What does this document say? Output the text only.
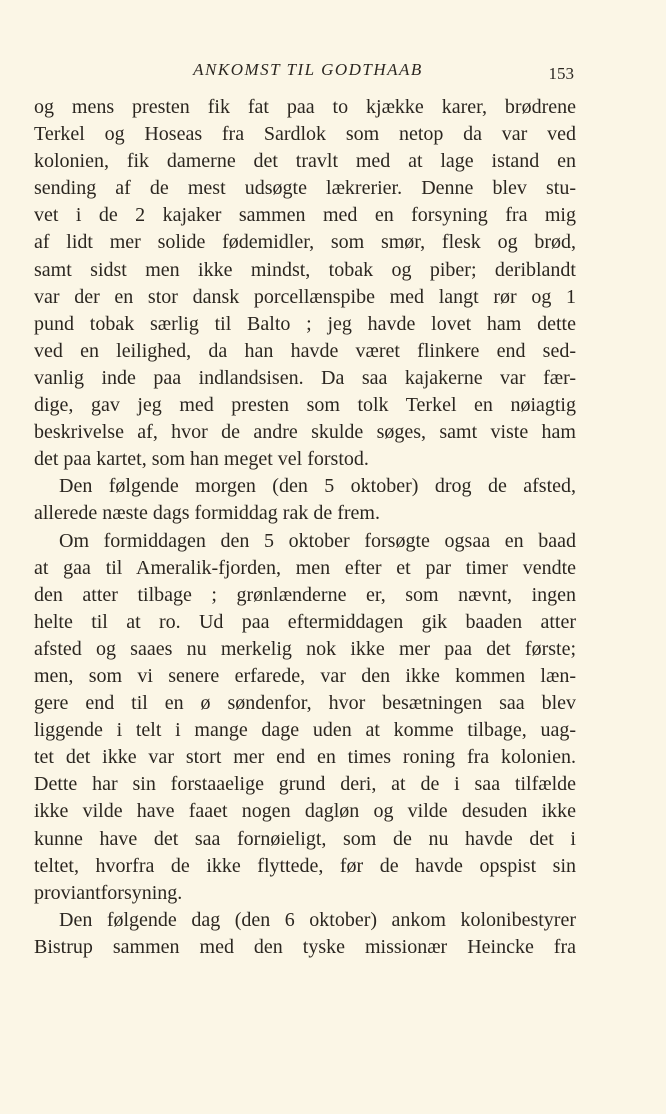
ANKOMST TIL GODTHAAB	153
og mens presten fik fat paa to kjække karer, brødrene
Terkel og Hoseas fra Sardlok som netop da var ved
kolonien, fik damerne det travlt med at lage istand en
sending af de mest udsøgte lækrerier. Denne blev stu-
vet i de 2 kajaker sammen med en forsyning fra mig
af lidt mer solide fødemidler, som smør, flesk og brød,
samt sidst men ikke mindst, tobak og piber; deriblandt
var der en stor dansk porcellænspibe med langt rør og 1
pund tobak særlig til Balto ; jeg havde lovet ham dette
ved en leilighed, da han havde været flinkere end sed-
vanlig inde paa indlandsisen. Da saa kajakerne var fær-
dige, gav jeg med presten som tolk Terkel en nøiagtig
beskrivelse af, hvor de andre skulde søges, samt viste ham
det paa kartet, som han meget vel forstod.
Den følgende morgen (den 5 oktober) drog de afsted,
allerede næste dags formiddag rak de frem.
Om formiddagen den 5 oktober forsøgte ogsaa en baad
at gaa til Ameralik-fjorden, men efter et par timer vendte
den atter tilbage ; grønlænderne er, som nævnt, ingen
helte til at ro. Ud paa eftermiddagen gik baaden atter
afsted og saaes nu merkelig nok ikke mer paa det første;
men, som vi senere erfarede, var den ikke kommen læn-
gere end til en ø søndenfor, hvor besætningen saa blev
liggende i telt i mange dage uden at komme tilbage, uag-
tet det ikke var stort mer end en times roning fra kolonien.
Dette har sin forstaaelige grund deri, at de i saa tilfælde
ikke vilde have faaet nogen dagløn og vilde desuden ikke
kunne have det saa fornøieligt, som de nu havde det i
teltet, hvorfra de ikke flyttede, før de havde opspist sin
proviantforsyning.
Den følgende dag (den 6 oktober) ankom kolonibestyrer
Bistrup sammen med den tyske missionær Heincke fra
